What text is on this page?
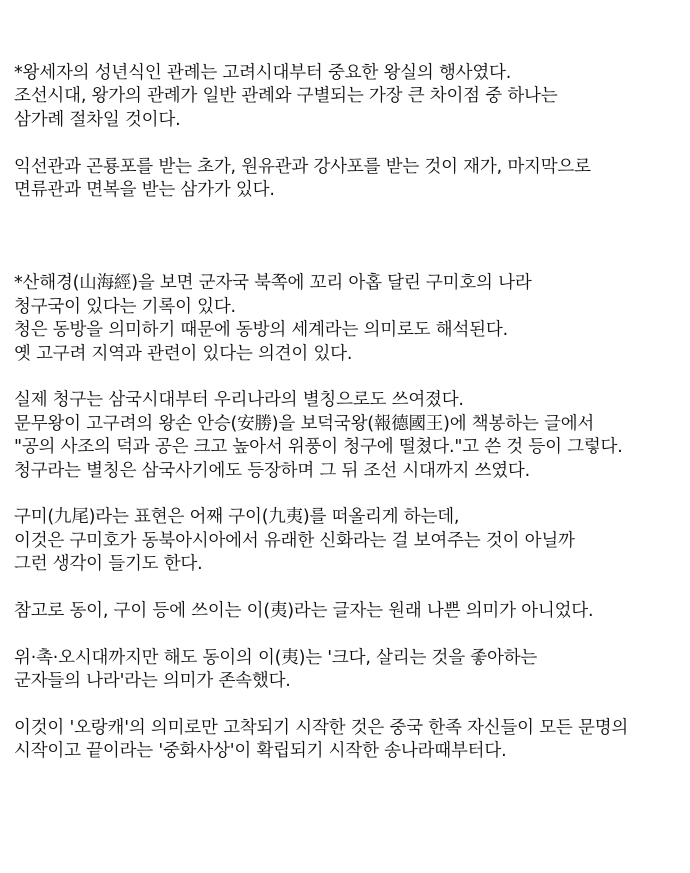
*왕세자의 성년식인 관례는 고려시대부터 중요한 왕실의 행사였다.
조선시대, 왕가의 관례가 일반 관례와 구별되는 가장 큰 차이점 중 하나는
삼가례 절차일 것이다.

익선관과 곤룡포를 받는 초가, 원유관과 강사포를 받는 것이 재가, 마지막으로
면류관과 면복을 받는 삼가가 있다.

*산해경(山海經)을 보면 군자국 북쪽에 꼬리 아홉 달린 구미호의 나라
청구국이 있다는 기록이 있다.
청은 동방을 의미하기 때문에 동방의 세계라는 의미로도 해석된다.
옛 고구려 지역과 관련이 있다는 의견이 있다.

실제 청구는 삼국시대부터 우리나라의 별칭으로도 쓰여졌다.
문무왕이 고구려의 왕손 안승(安勝)을 보덕국왕(報德國王)에 책봉하는 글에서
"공의 사조의 덕과 공은 크고 높아서 위풍이 청구에 떨쳤다."고 쓴 것 등이 그렇다.
청구라는 별칭은 삼국사기에도 등장하며 그 뒤 조선 시대까지 쓰였다.

구미(九尾)라는 표현은 어째 구이(九夷)를 떠올리게 하는데,
이것은 구미호가 동북아시아에서 유래한 신화라는 걸 보여주는 것이 아닐까
그런 생각이 들기도 한다.

참고로 동이, 구이 등에 쓰이는 이(夷)라는 글자는 원래 나쁜 의미가 아니었다.

위·촉·오시대까지만 해도 동이의 이(夷)는 '크다, 살리는 것을 좋아하는
군자들의 나라'라는 의미가 존속했다.

이것이 '오랑캐'의 의미로만 고착되기 시작한 것은 중국 한족 자신들이 모든 문명의
시작이고 끝이라는 '중화사상'이 확립되기 시작한 송나라때부터다.
